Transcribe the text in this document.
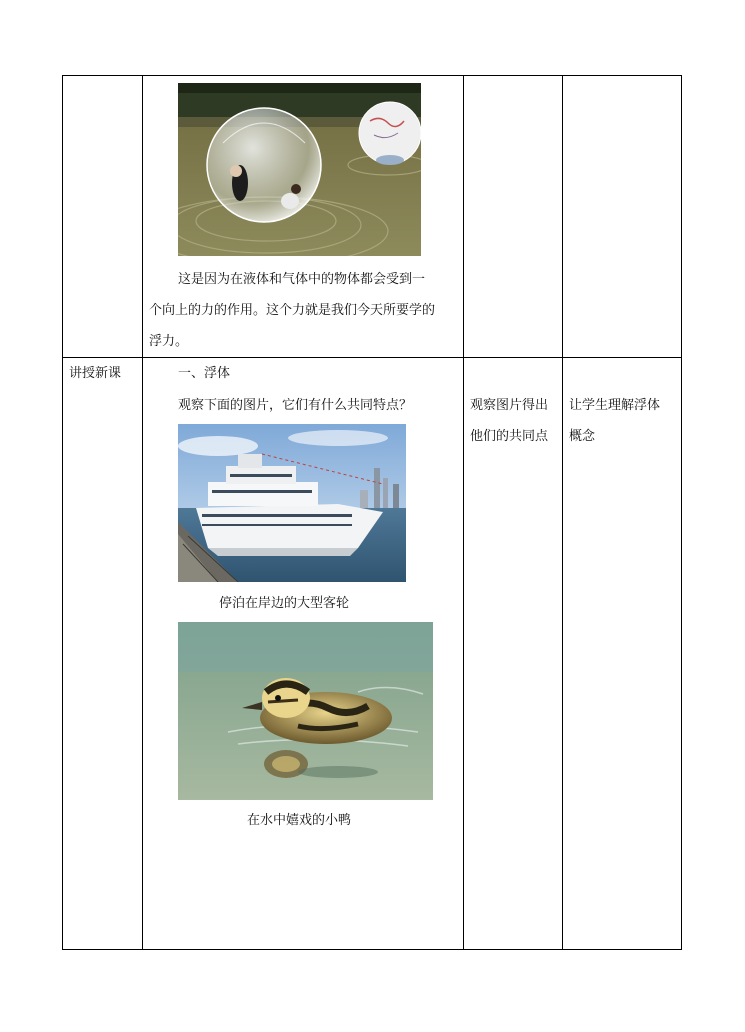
这是因为在液体和气体中的物体都会受到一
个向上的力的作用。这个力就是我们今天所要学的
浮力。
讲授新课	一、浮体
观察下面的图片，它们有什么共同特点？
停泊在岸边的大型客轮
在水中嬉戏的小鸭
观察图片得出
他们的共同点
让学生理解浮体
概念
